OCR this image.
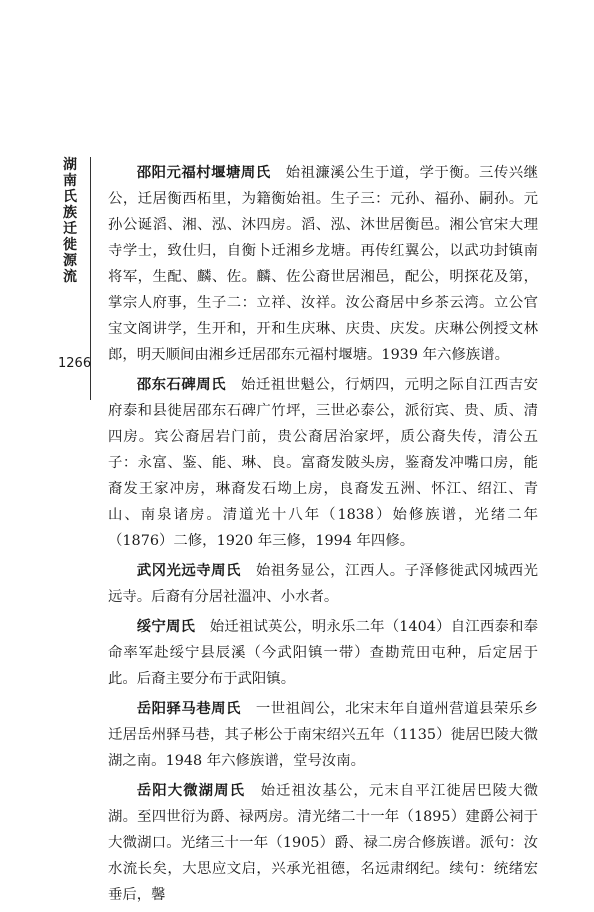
湖南氏族迁徙源流
1266

邵阳元福村堰塘周氏　始祖濂溪公生于道，学于衡。三传兴继公，迁居衡西柘里，为籍衡始祖。生子三：元孙、福孙、嗣孙。元孙公诞滔、湘、泓、沐四房。滔、泓、沐世居衡邑。湘公官宋大理寺学士，致仕归，自衡卜迁湘乡龙塘。再传红翼公，以武功封镇南将军，生配、麟、佐。麟、佐公裔世居湘邑，配公，明探花及第，掌宗人府事，生子二：立祥、汝祥。汝公裔居中乡茶云湾。立公官宝文阁讲学，生开和，开和生庆琳、庆贵、庆发。庆琳公例授文林郎，明天顺间由湘乡迁居邵东元福村堰塘。1939 年六修族谱。

邵东石碑周氏　始迁祖世魁公，行炳四，元明之际自江西吉安府泰和县徙居邵东石碑广竹坪，三世必泰公，派衍宾、贵、质、清四房。宾公裔居岩门前，贵公裔居治家坪，质公裔失传，清公五子：永富、鉴、能、琳、良。富裔发陂头房，鉴裔发冲嘴口房，能裔发王家冲房，琳裔发石坳上房，良裔发五洲、怀江、绍江、青山、南泉诸房。清道光十八年（1838）始修族谱，光绪二年（1876）二修，1920 年三修，1994 年四修。

武冈光远寺周氏　始祖务显公，江西人。子泽修徙武冈城西光远寺。后裔有分居社溫冲、小水者。

绥宁周氏　始迁祖试英公，明永乐二年（1404）自江西泰和奉命率军赴绥宁县辰溪（今武阳镇一带）查勘荒田屯种，后定居于此。后裔主要分布于武阳镇。

岳阳驿马巷周氏　一世祖闾公，北宋末年自道州营道县荣乐乡迁居岳州驿马巷，其子彬公于南宋绍兴五年（1135）徙居巴陵大微湖之南。1948 年六修族谱，堂号汝南。

岳阳大微湖周氏　始迁祖汝基公，元末自平江徙居巴陵大微湖。至四世衍为爵、禄两房。清光绪二十一年（1895）建爵公祠于大微湖口。光绪三十一年（1905）爵、禄二房合修族谱。派句：汝水流长矣，大思应文启，兴承光祖德，名远肃纲纪。续句：统绪宏垂后，馨
